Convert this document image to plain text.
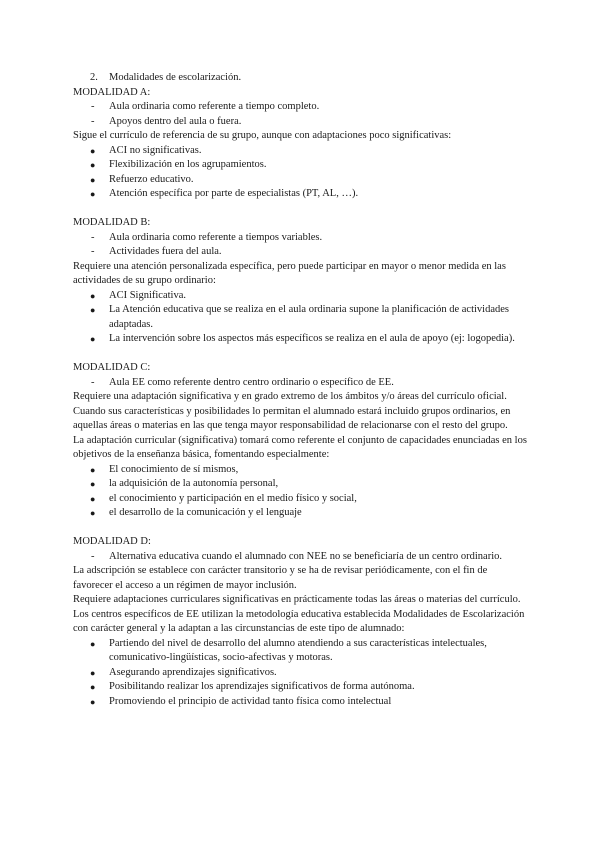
2. Modalidades de escolarización.

MODALIDAD A:

- Aula ordinaria como referente a tiempo completo.
- Apoyos dentro del aula o fuera.

Sigue el currículo de referencia de su grupo, aunque con adaptaciones poco significativas:

● ACI no significativas.
● Flexibilización en los agrupamientos.
● Refuerzo educativo.
● Atención específica por parte de especialistas (PT, AL, …).

MODALIDAD B:

- Aula ordinaria como referente a tiempos variables.
- Actividades fuera del aula.

Requiere una atención personalizada específica, pero puede participar en mayor o menor medida en las actividades de su grupo ordinario:

● ACI Significativa.
● La Atención educativa que se realiza en el aula ordinaria supone la planificación de actividades adaptadas.
● La intervención sobre los aspectos más específicos se realiza en el aula de apoyo (ej: logopedia).

MODALIDAD C:

- Aula EE como referente dentro centro ordinario o específico de EE.

Requiere una adaptación significativa y en grado extremo de los ámbitos y/o áreas del currículo oficial. Cuando sus características y posibilidades lo permitan el alumnado estará incluido grupos ordinarios, en aquellas áreas o materias en las que tenga mayor responsabilidad de relacionarse con el resto del grupo.

La adaptación curricular (significativa) tomará como referente el conjunto de capacidades enunciadas en los objetivos de la enseñanza básica, fomentando especialmente:

● El conocimiento de sí mismos,
● la adquisición de la autonomía personal,
● el conocimiento y participación en el medio físico y social,
● el desarrollo de la comunicación y el lenguaje

MODALIDAD D:

- Alternativa educativa cuando el alumnado con NEE no se beneficiaría de un centro ordinario.

La adscripción se establece con carácter transitorio y se ha de revisar periódicamente, con el fin de favorecer el acceso a un régimen de mayor inclusión.

Requiere adaptaciones curriculares significativas en prácticamente todas las áreas o materias del currículo.

Los centros específicos de EE utilizan la metodología educativa establecida Modalidades de Escolarización con carácter general y la adaptan a las circunstancias de este tipo de alumnado:

● Partiendo del nivel de desarrollo del alumno atendiendo a sus características intelectuales, comunicativo-lingüísticas, socio-afectivas y motoras.
● Asegurando aprendizajes significativos.
● Posibilitando realizar los aprendizajes significativos de forma autónoma.
● Promoviendo el principio de actividad tanto física como intelectual
